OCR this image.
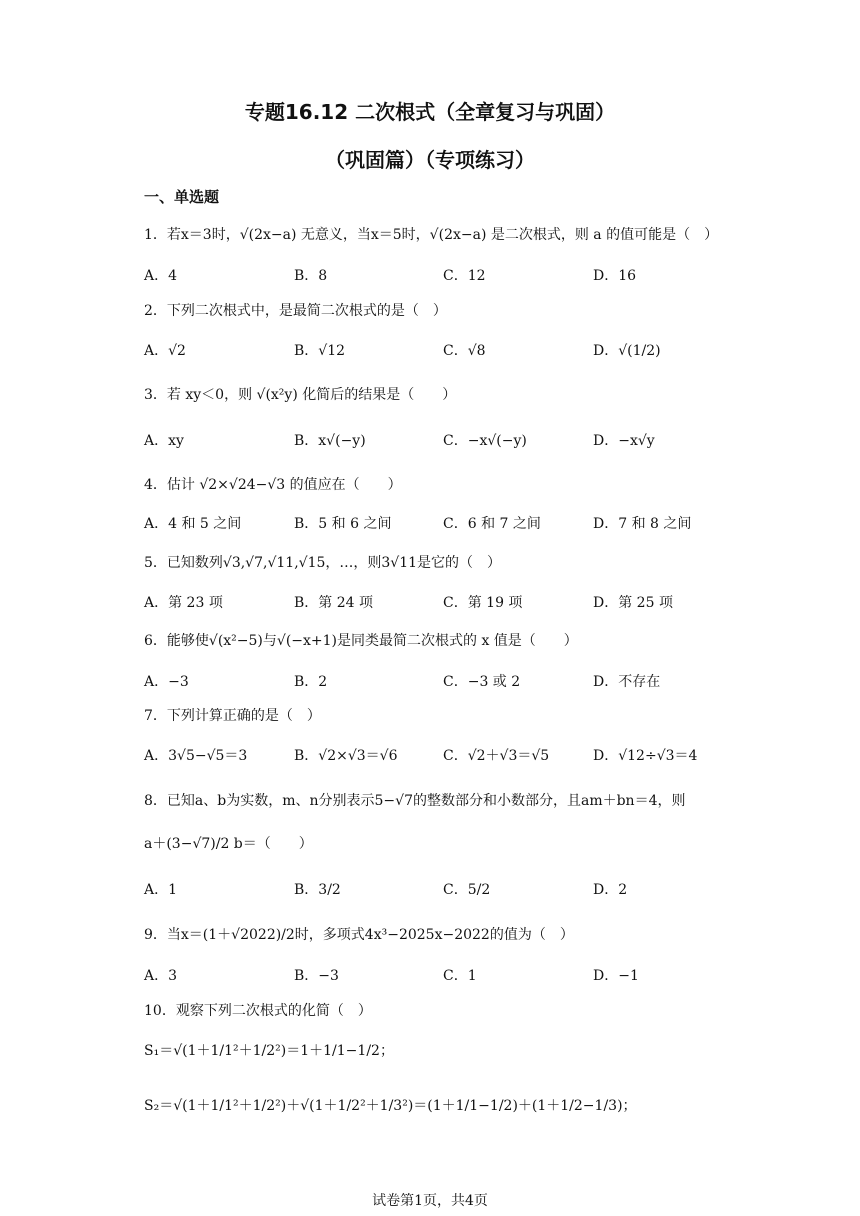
专题16.12 二次根式（全章复习与巩固）
（巩固篇）（专项练习）
一、单选题
1．若x＝3时，√(2x−a) 无意义，当x＝5时，√(2x−a) 是二次根式，则 a 的值可能是（　）
A．4	B．8	C．12	D．16
2．下列二次根式中，是最简二次根式的是（　）
A．√2	B．√12	C．√8	D．√(1/2)
3．若 xy＜0，则 √(x²y) 化简后的结果是（　　）
A．xy	B．x√(−y)	C．−x√(−y)	D．−x√y
4．估计 √2×√24−√3 的值应在（　　）
A．4 和 5 之间	B．5 和 6 之间	C．6 和 7 之间	D．7 和 8 之间
5．已知数列√3,√7,√11,√15，…，则3√11是它的（　）
A．第 23 项	B．第 24 项	C．第 19 项	D．第 25 项
6．能够使√(x²−5)与√(−x+1)是同类最简二次根式的 x 值是（　　）
A．−3	B．2	C．−3 或 2	D．不存在
7．下列计算正确的是（　）
A．3√5−√5＝3	B．√2×√3＝√6	C．√2＋√3＝√5	D．√12÷√3＝4
8．已知a、b为实数，m、n分别表示5−√7的整数部分和小数部分，且am＋bn＝4，则
a＋(3−√7)/2 b＝（　　）
A．1	B．3/2	C．5/2	D．2
9．当x＝(1＋√2022)/2时，多项式4x³−2025x−2022的值为（　）
A．3	B．−3	C．1	D．−1
10．观察下列二次根式的化简（　）
S₁＝√(1＋1/1²＋1/2²)＝1＋1/1−1/2；
S₂＝√(1＋1/1²＋1/2²)＋√(1＋1/2²＋1/3²)＝(1＋1/1−1/2)＋(1＋1/2−1/3)；
试卷第1页，共4页
